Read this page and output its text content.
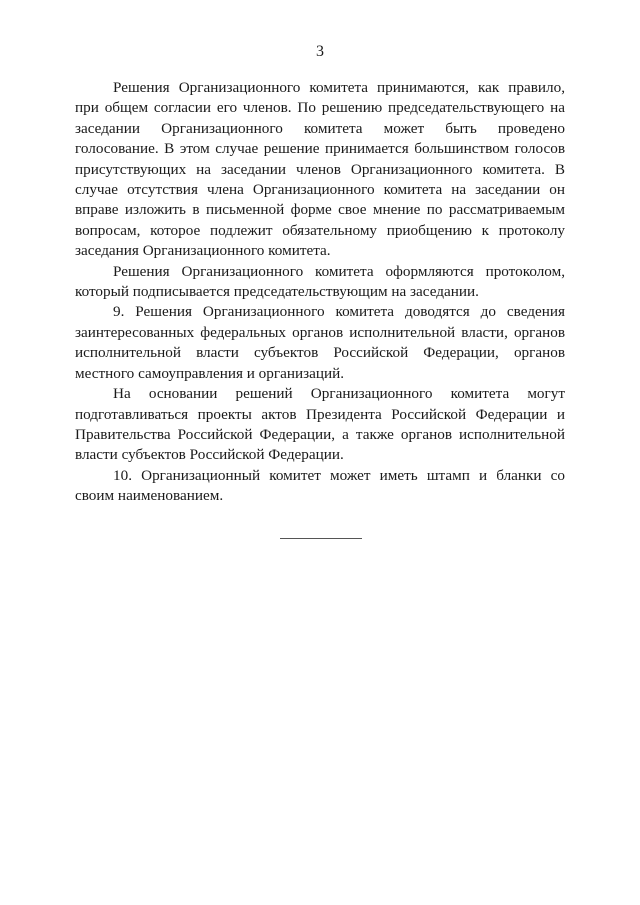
3

Решения Организационного комитета принимаются, как правило, при общем согласии его членов. По решению председательствующего на заседании Организационного комитета может быть проведено голосование. В этом случае решение принимается большинством голосов присутствующих на заседании членов Организационного комитета. В случае отсутствия члена Организационного комитета на заседании он вправе изложить в письменной форме свое мнение по рассматриваемым вопросам, которое подлежит обязательному приобщению к протоколу заседания Организационного комитета.

Решения Организационного комитета оформляются протоколом, который подписывается председательствующим на заседании.

9. Решения Организационного комитета доводятся до сведения заинтересованных федеральных органов исполнительной власти, органов исполнительной власти субъектов Российской Федерации, органов местного самоуправления и организаций.

На основании решений Организационного комитета могут подготавливаться проекты актов Президента Российской Федерации и Правительства Российской Федерации, а также органов исполнительной власти субъектов Российской Федерации.

10. Организационный комитет может иметь штамп и бланки со своим наименованием.
